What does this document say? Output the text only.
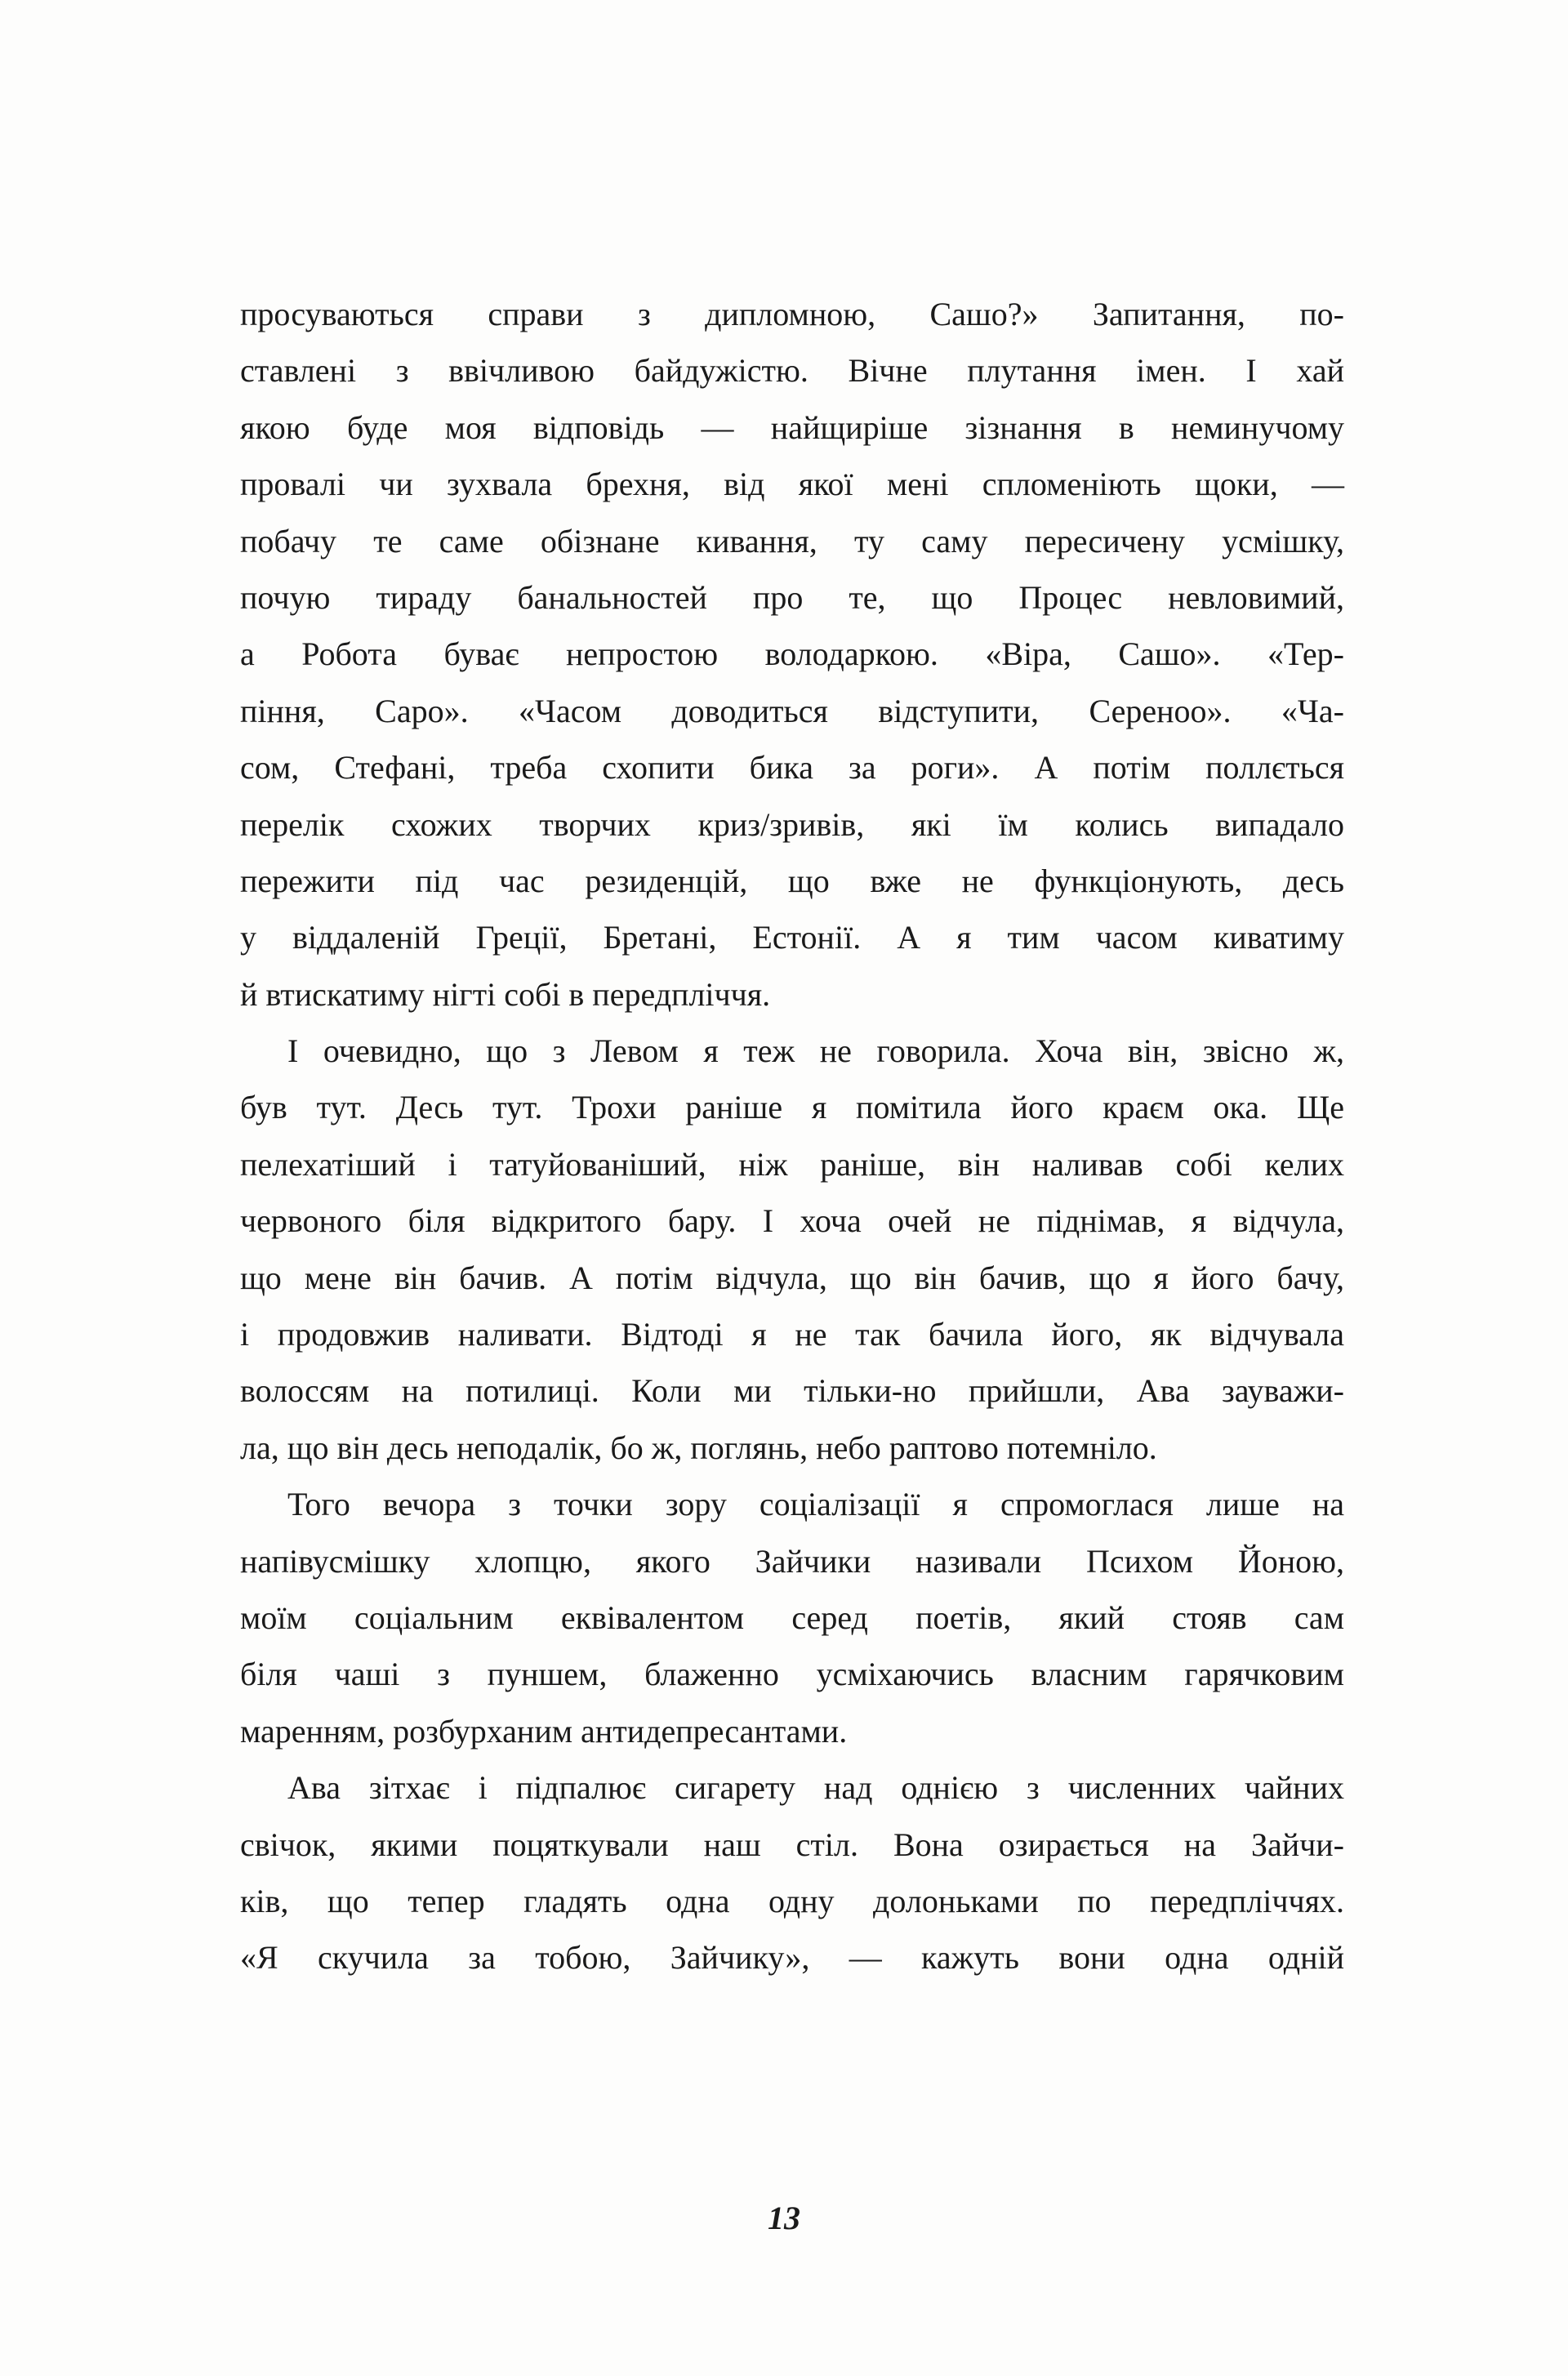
просуваються справи з дипломною, Сашо?» Запитання, по-
ставлені з ввічливою байдужістю. Вічне плутання імен. І хай
якою буде моя відповідь — найщиріше зізнання в неминучому
провалі чи зухвала брехня, від якої мені спломеніють щоки, —
побачу те саме обізнане кивання, ту саму пересичену усмішку,
почую тираду банальностей про те, що Процес невловимий,
а Робота буває непростою володаркою. «Віра, Сашо». «Тер-
піння, Саро». «Часом доводиться відступити, Сереноо». «Ча-
сом, Стефані, треба схопити бика за роги». А потім поллється
перелік схожих творчих криз/зривів, які їм колись випадало
пережити під час резиденцій, що вже не функціонують, десь
у віддаленій Греції, Бретані, Естонії. А я тим часом киватиму
й втискатиму нігті собі в передпліччя.
І очевидно, що з Левом я теж не говорила. Хоча він, звісно ж,
був тут. Десь тут. Трохи раніше я помітила його краєм ока. Ще
пелехатіший і татуйованіший, ніж раніше, він наливав собі келих
червоного біля відкритого бару. І хоча очей не піднімав, я відчула,
що мене він бачив. А потім відчула, що він бачив, що я його бачу,
і продовжив наливати. Відтоді я не так бачила його, як відчувала
волоссям на потилиці. Коли ми тільки-но прийшли, Ава зауважи-
ла, що він десь неподалік, бо ж, поглянь, небо раптово потемніло.
Того вечора з точки зору соціалізації я спромоглася лише на
напівусмішку хлопцю, якого Зайчики називали Психом Йоною,
моїм соціальним еквівалентом серед поетів, який стояв сам
біля чаші з пуншем, блаженно усміхаючись власним гарячковим
маренням, розбурханим антидепресантами.
Ава зітхає і підпалює сигарету над однією з численних чайних
свічок, якими поцяткували наш стіл. Вона озирається на Зайчи-
ків, що тепер гладять одна одну долоньками по передпліччях.
«Я скучила за тобою, Зайчику», — кажуть вони одна одній
13
